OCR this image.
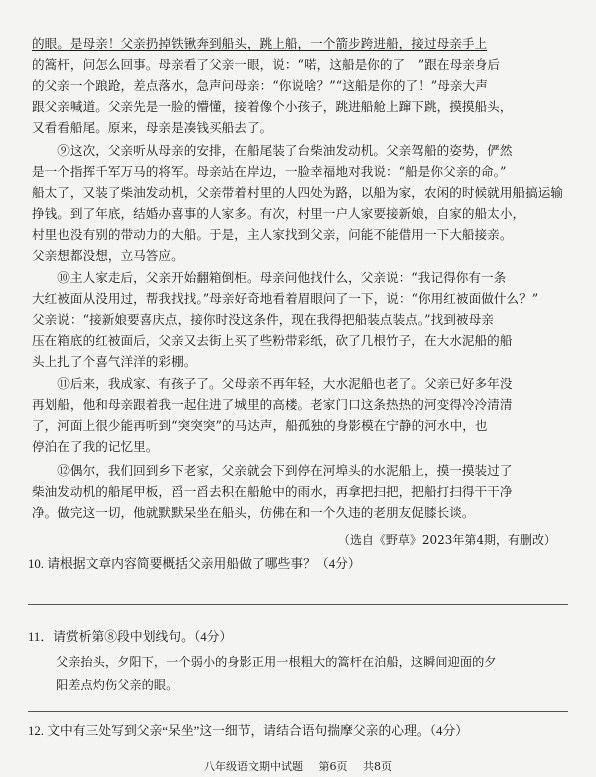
的眼。是母亲！父亲扔掉铁锹奔到船头，跳上船，一个箭步跨进船，接过母亲手上
的篙杆，问怎么回事。母亲看了父亲一眼，说：“喏，这船是你的了　”跟在母亲身后
的父亲一个踉跄，差点落水，急声问母亲：“你说啥？”“这船是你的了！”母亲大声
跟父亲喊道。父亲先是一脸的懵懂，接着像个小孩子，跳进船舱上蹿下跳，摸摸船头，
又看看船尾。原来，母亲是凑钱买船去了。
　　⑨这次，父亲听从母亲的安排，在船尾装了台柴油发动机。父亲驾船的姿势，俨然
是一个指挥千军万马的将军。母亲站在岸边，一脸幸福地对我说：“船是你父亲的命。”
船太了，又装了柴油发动机，父亲带着村里的人四处为路，以船为家，农闲的时候就用船搞运输
挣钱。到了年底，结婚办喜事的人家多。有次，村里一户人家要接新娘，自家的船太小，
村里也没有别的带动力的大船。于是，主人家找到父亲，问能不能借用一下大船接亲。
父亲想都没想，立马答应。
　　⑩主人家走后，父亲开始翻箱倒柜。母亲问他找什么，父亲说：“我记得你有一条
大红被面从没用过，帮我找找。”母亲好奇地看着眉眼问了一下，说：“你用红被面做什么？”
父亲说：“接新娘要喜庆点，接你时没这条件，现在我得把船装点装点。”找到被母亲
压在箱底的红被面后，父亲又去街上买了些粉带彩纸，砍了几根竹子，在大水泥船的船
头上扎了个喜气洋洋的彩棚。
　　⑪后来，我成家、有孩子了。父母亲不再年轻，大水泥船也老了。父亲已好多年没
再划船，他和母亲跟着我一起住进了城里的高楼。老家门口这条热热的河变得冷冷清清
了，河面上很少能再听到“突突突”的马达声，船孤独的身影模在宁静的河水中，也
停泊在了我的记忆里。
　　⑫偶尔，我们回到乡下老家，父亲就会下到停在河埠头的水泥船上，摸一摸装过了
柴油发动机的船尾甲板，舀一舀去积在船舱中的雨水，再拿把扫把，把船打扫得干干净
净。做完这一切，他就默默呆坐在船头，仿佛在和一个久违的老朋友促膝长谈。
（选自《野草》2023年第4期，有删改）
10. 请根据文章内容简要概括父亲用船做了哪些事？（4分）
11．请赏析第⑧段中划线句。（4分）
父亲抬头，夕阳下，一个弱小的身影正用一根粗大的篙杆在泊船，这瞬间迎面的夕
阳差点灼伤父亲的眼。
12. 文中有三处写到父亲“呆坐”这一细节，请结合语句揣摩父亲的心理。（4分）
八年级语文期中试题 第6页 共8页
